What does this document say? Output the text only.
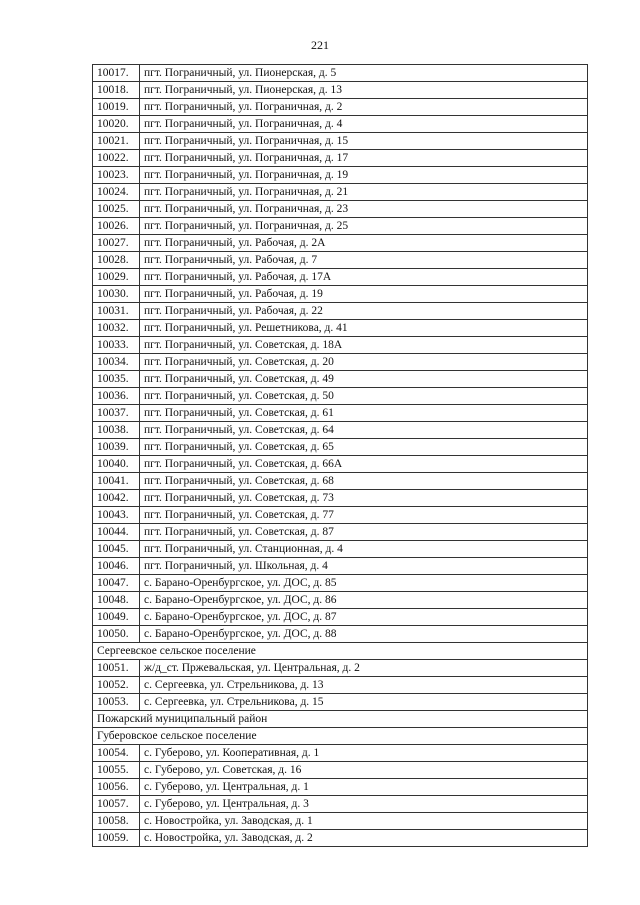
221
10017.	пгт. Пограничный, ул. Пионерская, д. 5
10018.	пгт. Пограничный, ул. Пионерская, д. 13
10019.	пгт. Пограничный, ул. Пограничная, д. 2
10020.	пгт. Пограничный, ул. Пограничная, д. 4
10021.	пгт. Пограничный, ул. Пограничная, д. 15
10022.	пгт. Пограничный, ул. Пограничная, д. 17
10023.	пгт. Пограничный, ул. Пограничная, д. 19
10024.	пгт. Пограничный, ул. Пограничная, д. 21
10025.	пгт. Пограничный, ул. Пограничная, д. 23
10026.	пгт. Пограничный, ул. Пограничная, д. 25
10027.	пгт. Пограничный, ул. Рабочая, д. 2А
10028.	пгт. Пограничный, ул. Рабочая, д. 7
10029.	пгт. Пограничный, ул. Рабочая, д. 17А
10030.	пгт. Пограничный, ул. Рабочая, д. 19
10031.	пгт. Пограничный, ул. Рабочая, д. 22
10032.	пгт. Пограничный, ул. Решетникова, д. 41
10033.	пгт. Пограничный, ул. Советская, д. 18А
10034.	пгт. Пограничный, ул. Советская, д. 20
10035.	пгт. Пограничный, ул. Советская, д. 49
10036.	пгт. Пограничный, ул. Советская, д. 50
10037.	пгт. Пограничный, ул. Советская, д. 61
10038.	пгт. Пограничный, ул. Советская, д. 64
10039.	пгт. Пограничный, ул. Советская, д. 65
10040.	пгт. Пограничный, ул. Советская, д. 66А
10041.	пгт. Пограничный, ул. Советская, д. 68
10042.	пгт. Пограничный, ул. Советская, д. 73
10043.	пгт. Пограничный, ул. Советская, д. 77
10044.	пгт. Пограничный, ул. Советская, д. 87
10045.	пгт. Пограничный, ул. Станционная, д. 4
10046.	пгт. Пограничный, ул. Школьная, д. 4
10047.	с. Барано-Оренбургское, ул. ДОС, д. 85
10048.	с. Барано-Оренбургское, ул. ДОС, д. 86
10049.	с. Барано-Оренбургское, ул. ДОС, д. 87
10050.	с. Барано-Оренбургское, ул. ДОС, д. 88
Сергеевское сельское поселение	
10051.	ж/д_ст. Пржевальская, ул. Центральная, д. 2
10052.	с. Сергеевка, ул. Стрельникова, д. 13
10053.	с. Сергеевка, ул. Стрельникова, д. 15
Пожарский муниципальный район	
Губеровское сельское поселение	
10054.	с. Губерово, ул. Кооперативная, д. 1
10055.	с. Губерово, ул. Советская, д. 16
10056.	с. Губерово, ул. Центральная, д. 1
10057.	с. Губерово, ул. Центральная, д. 3
10058.	с. Новостройка, ул. Заводская, д. 1
10059.	с. Новостройка, ул. Заводская, д. 2
